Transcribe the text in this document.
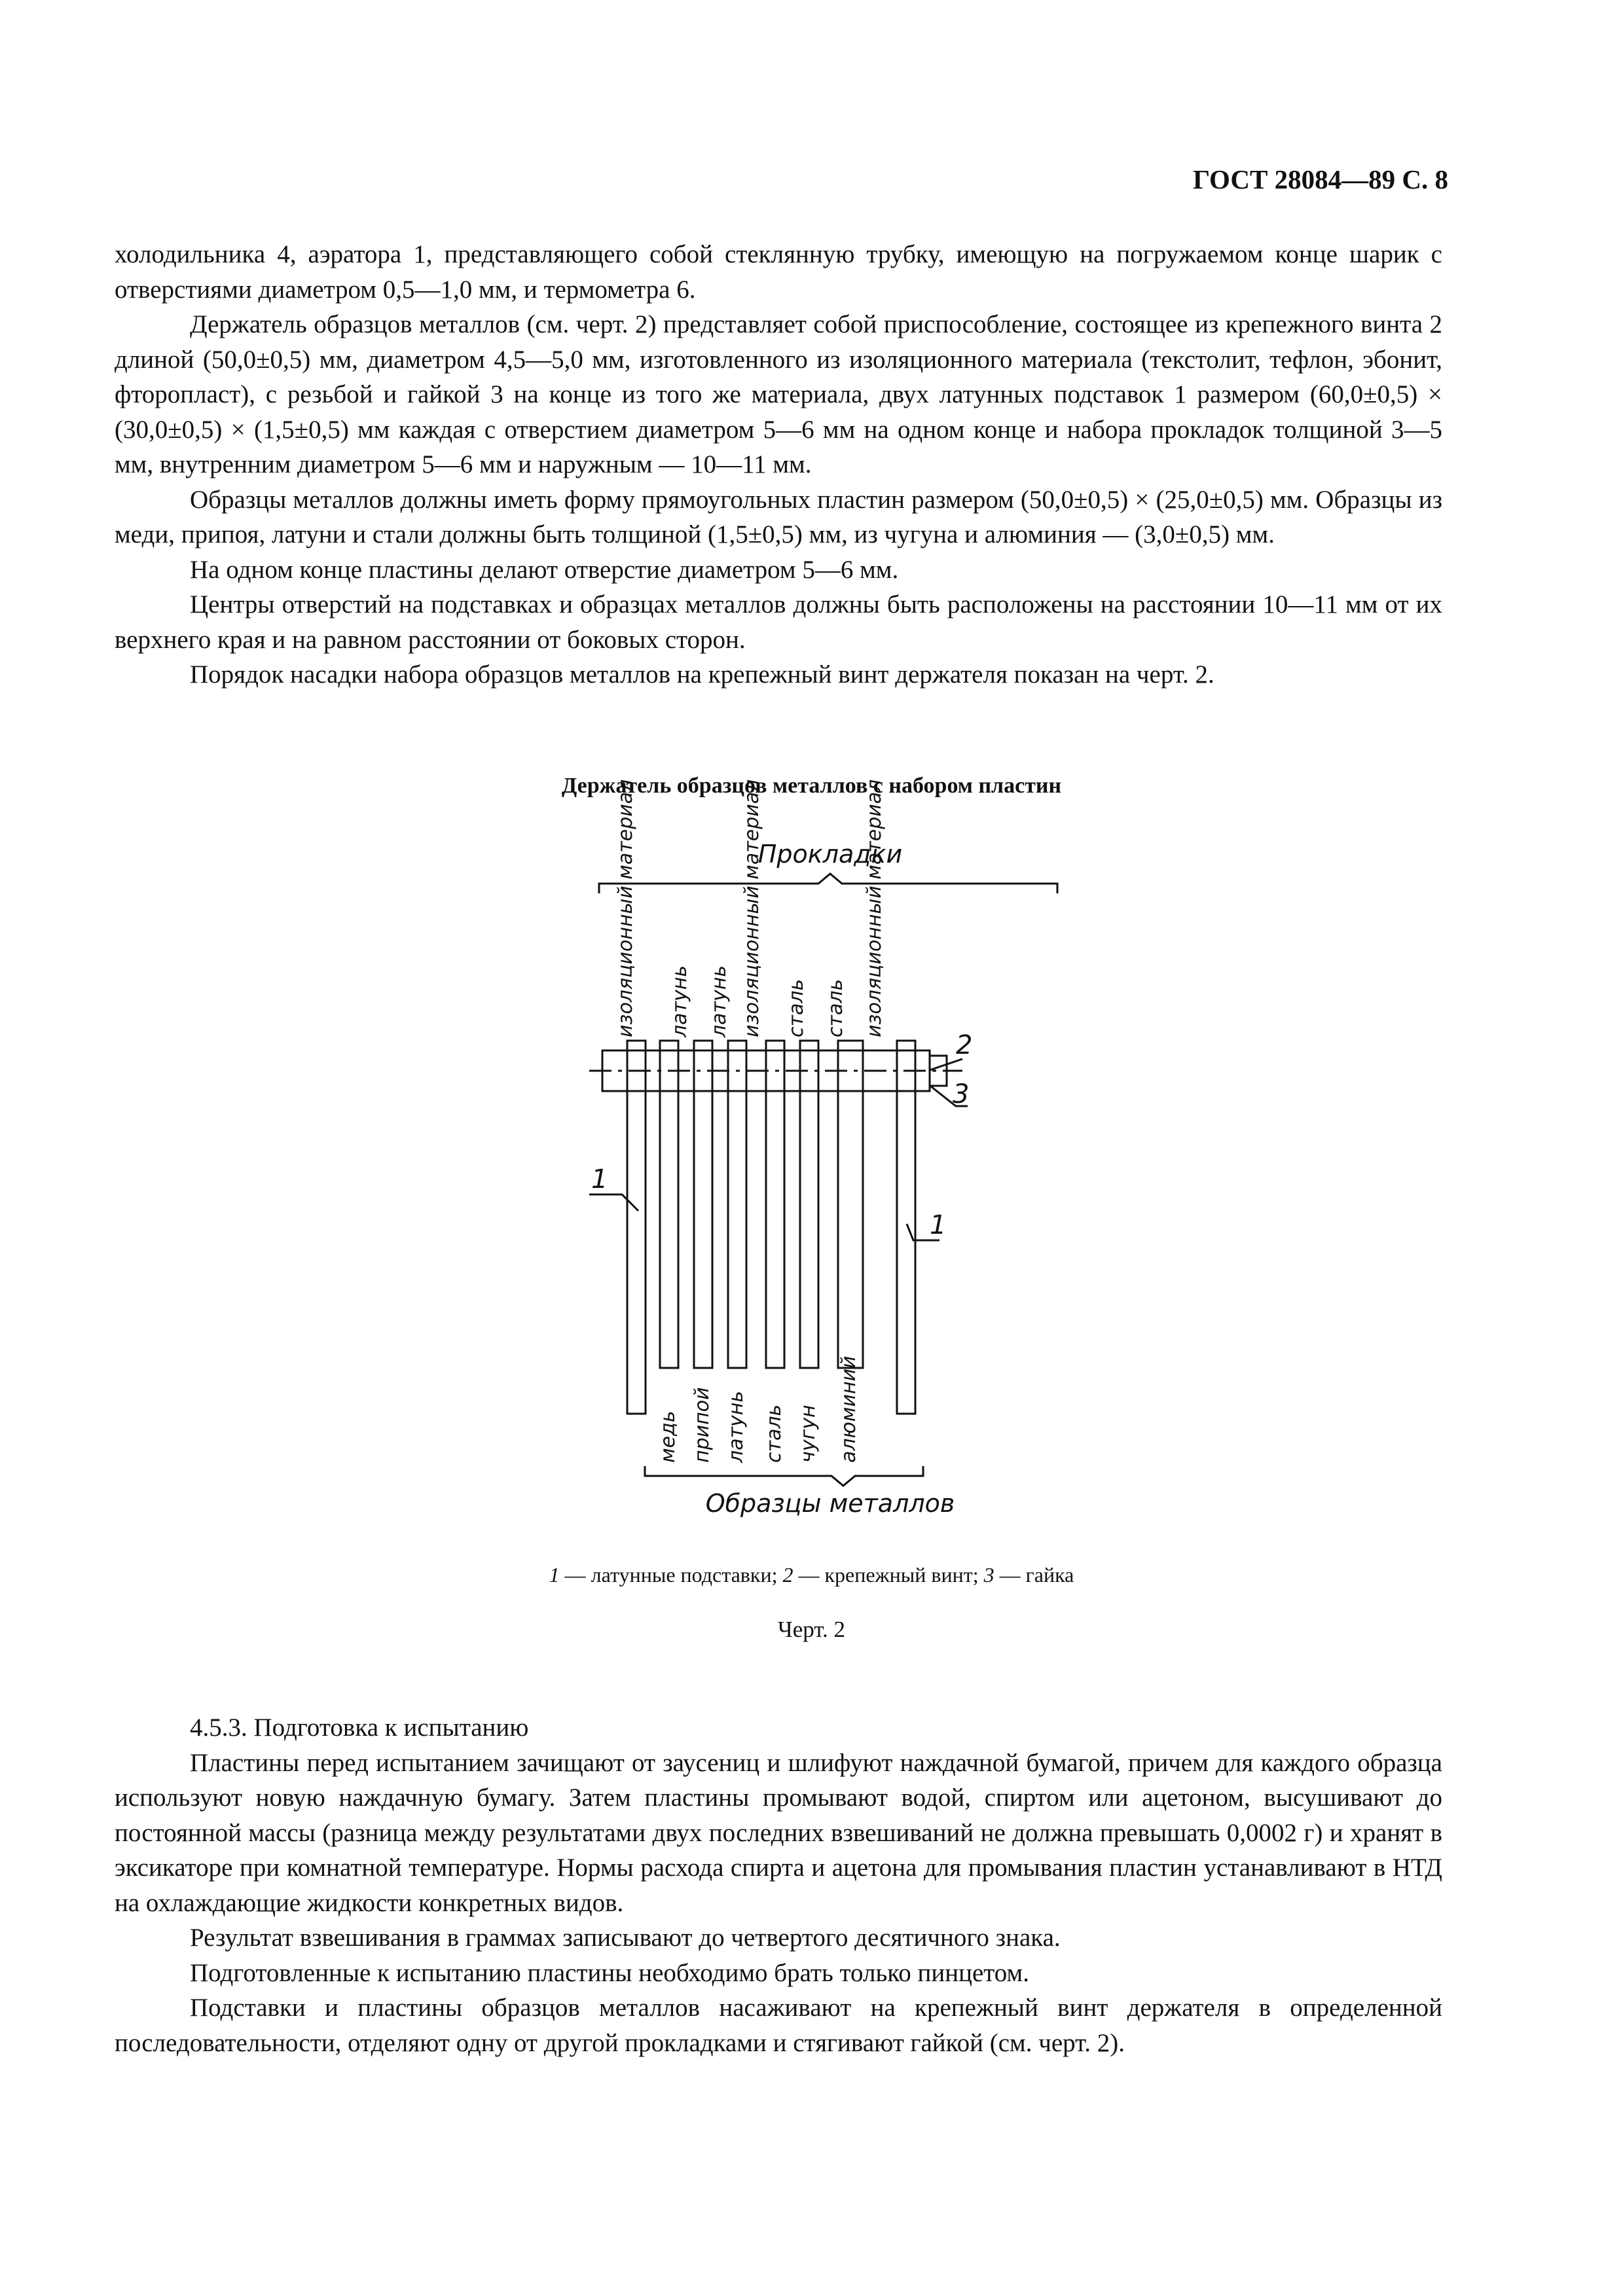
ГОСТ 28084—89 С. 8

холодильника 4, аэратора 1, представляющего собой стеклянную трубку, имеющую на погружаемом конце шарик с отверстиями диаметром 0,5—1,0 мм, и термометра 6.

Держатель образцов металлов (см. черт. 2) представляет собой приспособление, состоящее из крепежного винта 2 длиной (50,0±0,5) мм, диаметром 4,5—5,0 мм, изготовленного из изоляционного материала (текстолит, тефлон, эбонит, фторопласт), с резьбой и гайкой 3 на конце из того же материала, двух латунных подставок 1 размером (60,0±0,5) × (30,0±0,5) × (1,5±0,5) мм каждая с отверстием диаметром 5—6 мм на одном конце и набора прокладок толщиной 3—5 мм, внутренним диаметром 5—6 мм и наружным — 10—11 мм.

Образцы металлов должны иметь форму прямоугольных пластин размером (50,0±0,5) × (25,0±0,5) мм. Образцы из меди, припоя, латуни и стали должны быть толщиной (1,5±0,5) мм, из чугуна и алюминия — (3,0±0,5) мм.

На одном конце пластины делают отверстие диаметром 5—6 мм.

Центры отверстий на подставках и образцах металлов должны быть расположены на расстоянии 10—11 мм от их верхнего края и на равном расстоянии от боковых сторон.

Порядок насадки набора образцов металлов на крепежный винт держателя показан на черт. 2.

Держатель образцов металлов с набором пластин
Прокладки
изоляционный материал латунь латунь изоляционный материал сталь сталь изоляционный материал
медь припой латунь сталь чугун алюминий
Образцы металлов
1
1
2
3
1 — латунные подставки; 2 — крепежный винт; 3 — гайка
Черт. 2

4.5.3. Подготовка к испытанию

Пластины перед испытанием зачищают от заусениц и шлифуют наждачной бумагой, причем для каждого образца используют новую наждачную бумагу. Затем пластины промывают водой, спиртом или ацетоном, высушивают до постоянной массы (разница между результатами двух последних взвешиваний не должна превышать 0,0002 г) и хранят в эксикаторе при комнатной температуре. Нормы расхода спирта и ацетона для промывания пластин устанавливают в НТД на охлаждающие жидкости конкретных видов.

Результат взвешивания в граммах записывают до четвертого десятичного знака.

Подготовленные к испытанию пластины необходимо брать только пинцетом.

Подставки и пластины образцов металлов насаживают на крепежный винт держателя в определенной последовательности, отделяют одну от другой прокладками и стягивают гайкой (см. черт. 2).
